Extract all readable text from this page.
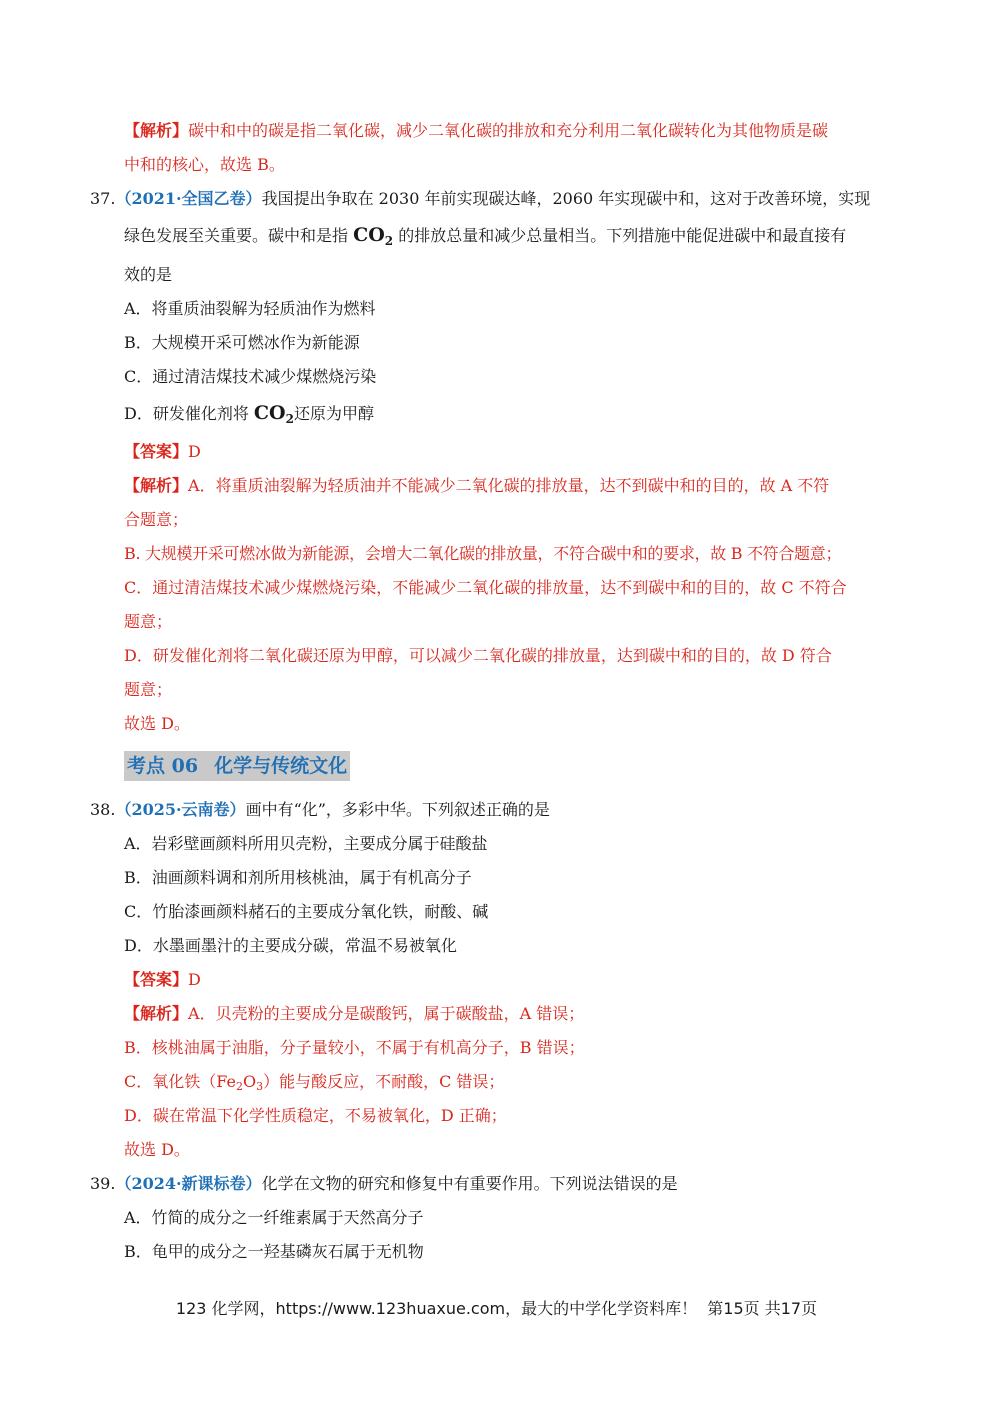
【解析】碳中和中的碳是指二氧化碳，减少二氧化碳的排放和充分利用二氧化碳转化为其他物质是碳
中和的核心，故选 B。
37.（2021·全国乙卷）我国提出争取在 2030 年前实现碳达峰，2060 年实现碳中和，这对于改善环境，实现
绿色发展至关重要。碳中和是指 $CO_2$ 的排放总量和减少总量相当。下列措施中能促进碳中和最直接有
效的是
A．将重质油裂解为轻质油作为燃料
B．大规模开采可燃冰作为新能源
C．通过清洁煤技术减少煤燃烧污染
D．研发催化剂将 $CO_2$还原为甲醇
【答案】D
【解析】A．将重质油裂解为轻质油并不能减少二氧化碳的排放量，达不到碳中和的目的，故 A 不符
合题意；
B. 大规模开采可燃冰做为新能源，会增大二氧化碳的排放量，不符合碳中和的要求，故 B 不符合题意；
C．通过清洁煤技术减少煤燃烧污染，不能减少二氧化碳的排放量，达不到碳中和的目的，故 C 不符合
题意；
D．研发催化剂将二氧化碳还原为甲醇，可以减少二氧化碳的排放量，达到碳中和的目的，故 D 符合
题意；
故选 D。
考点 06 化学与传统文化
38.（2025·云南卷）画中有“化”，多彩中华。下列叙述正确的是
A．岩彩壁画颜料所用贝壳粉，主要成分属于硅酸盐
B．油画颜料调和剂所用核桃油，属于有机高分子
C．竹胎漆画颜料赭石的主要成分氧化铁，耐酸、碱
D．水墨画墨汁的主要成分碳，常温不易被氧化
【答案】D
【解析】A．贝壳粉的主要成分是碳酸钙，属于碳酸盐，A 错误；
B．核桃油属于油脂，分子量较小，不属于有机高分子，B 错误；
C．氧化铁$(Fe_2O_3)$能与酸反应，不耐酸，C 错误；
D．碳在常温下化学性质稳定，不易被氧化，D 正确；
故选 D。
39.（2024·新课标卷）化学在文物的研究和修复中有重要作用。下列说法错误的是
A．竹简的成分之一纤维素属于天然高分子
B．龟甲的成分之一羟基磷灰石属于无机物
123 化学网，https://www.123huaxue.com，最大的中学化学资料库！ 第15页 共17页
